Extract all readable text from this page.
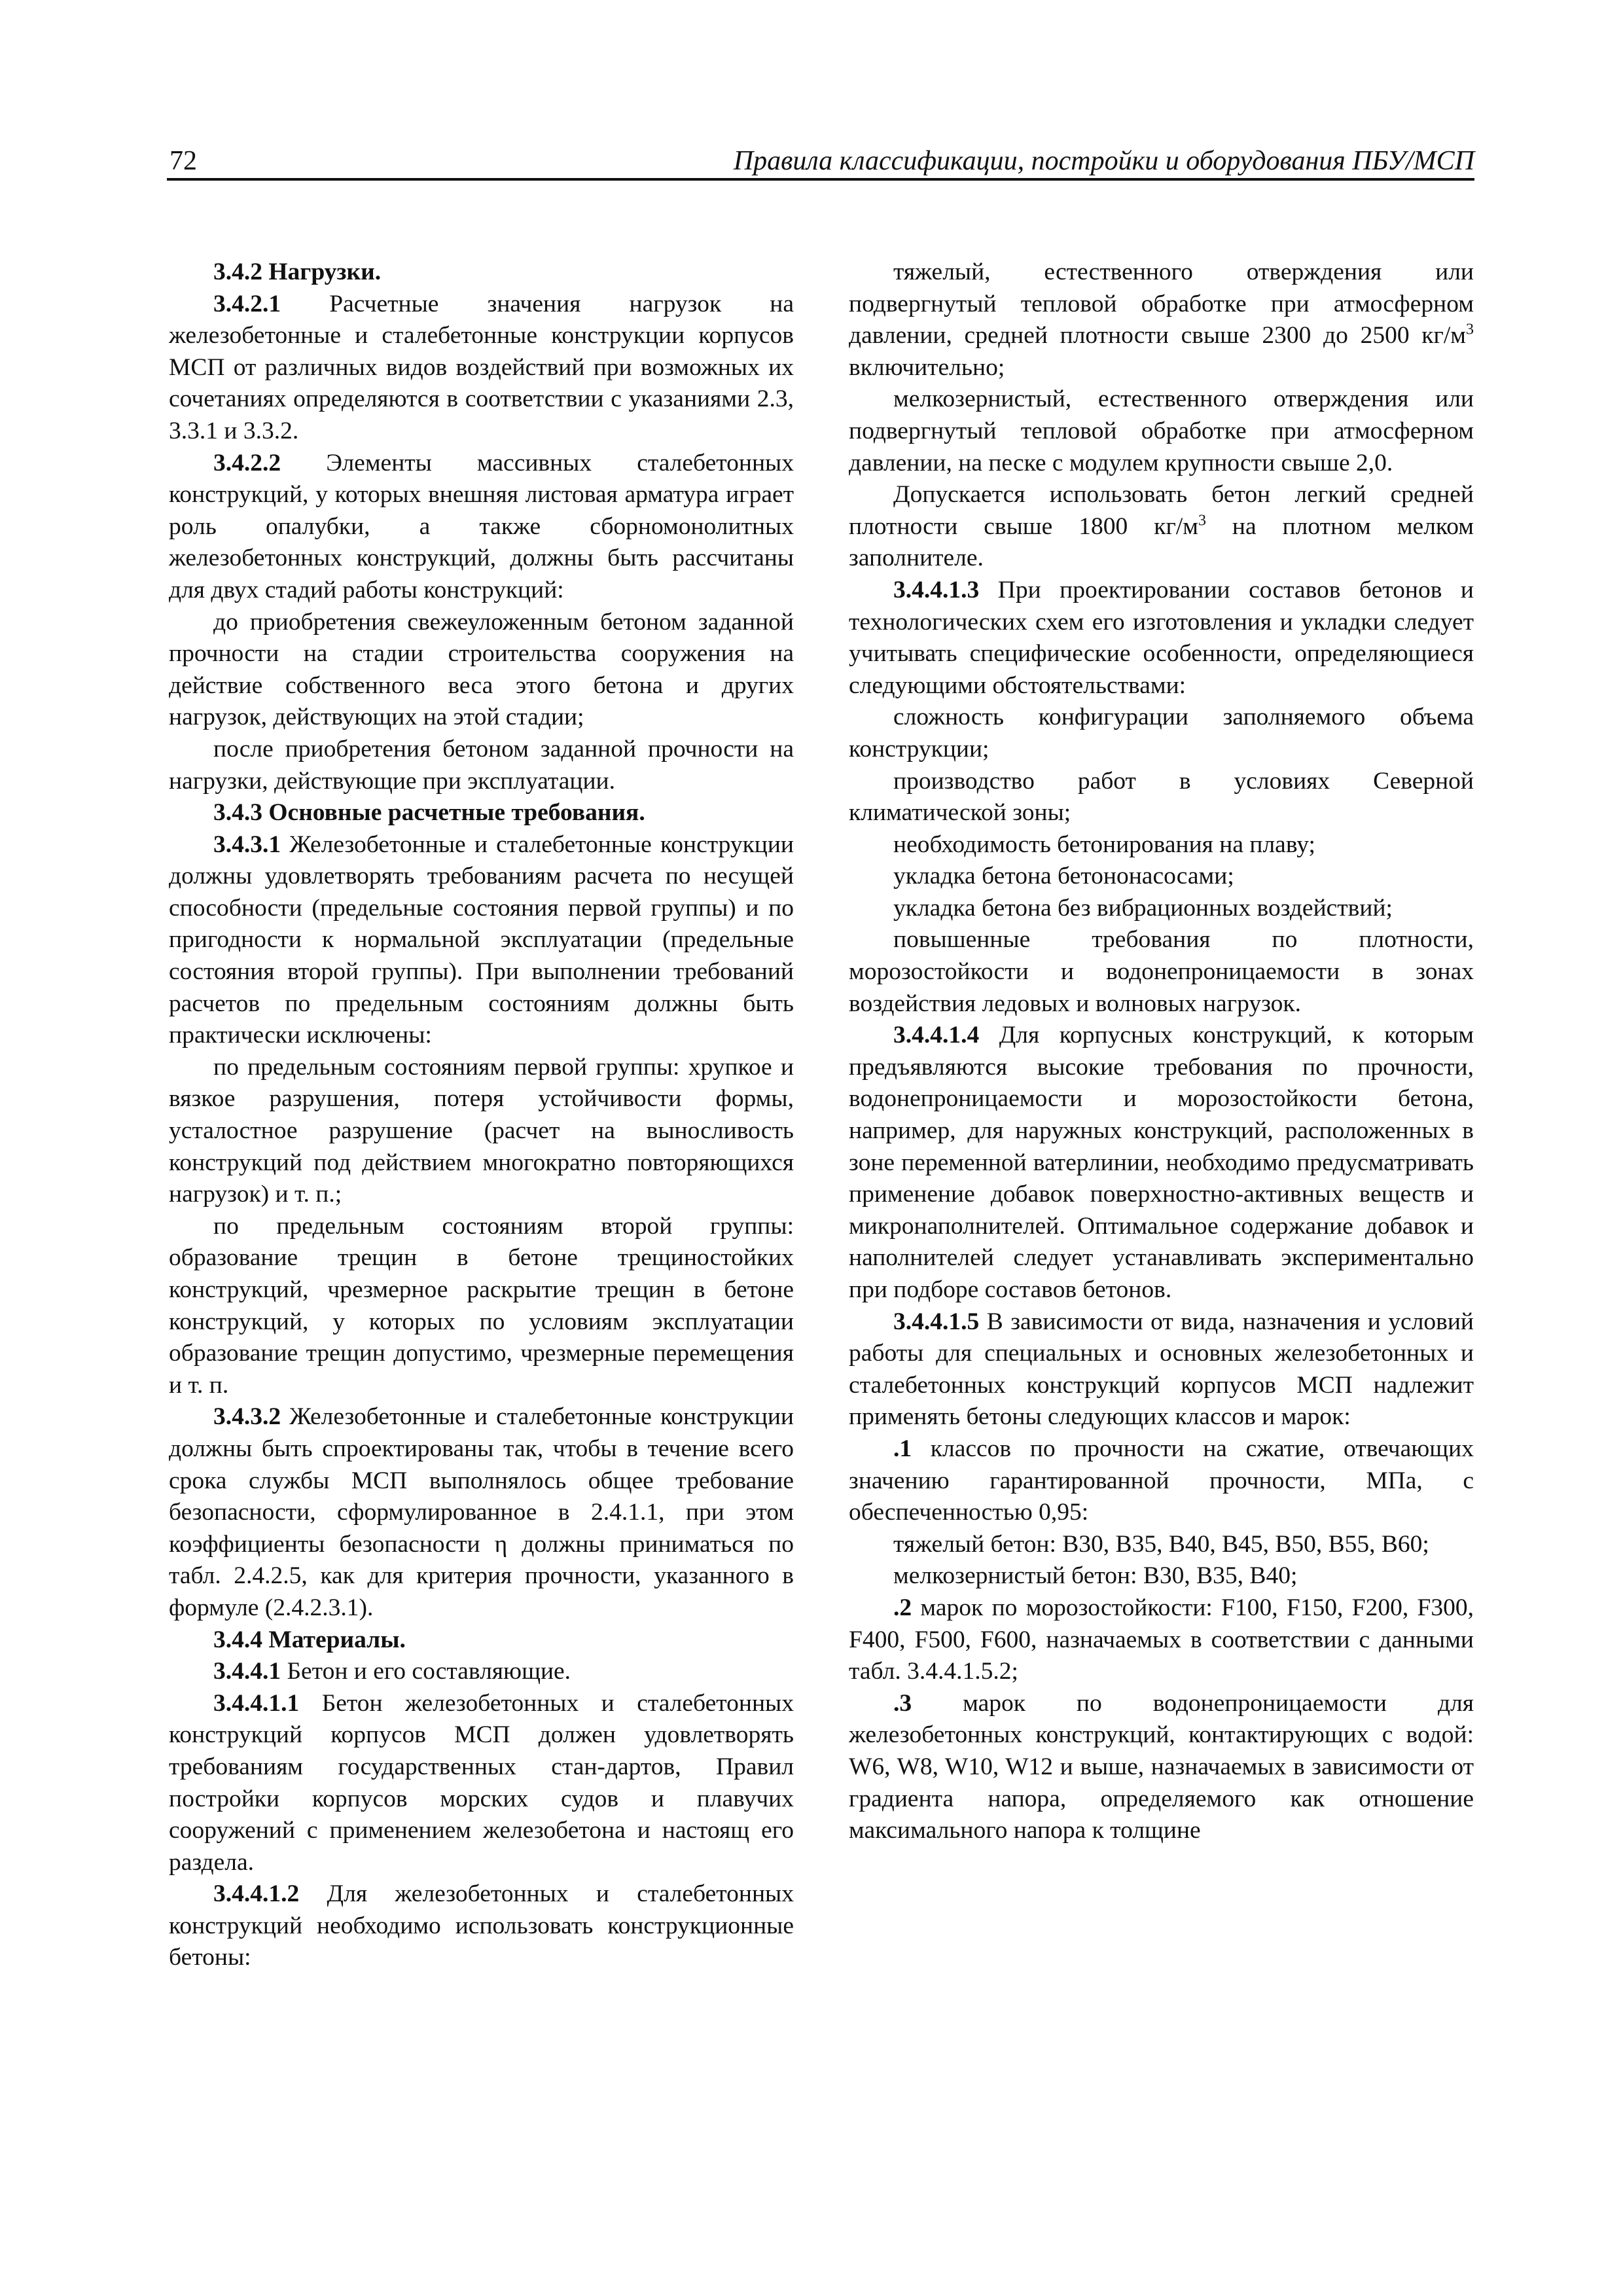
72	Правила классификации, постройки и оборудования ПБУ/МСП

3.4.2 Нагрузки.

3.4.2.1 Расчетные значения нагрузок на железобетонные и сталебетонные конструкции корпусов МСП от различных видов воздействий при возможных их сочетаниях определяются в соответствии с указаниями 2.3, 3.3.1 и 3.3.2.

3.4.2.2 Элементы массивных сталебетонных конструкций, у которых внешняя листовая арматура играет роль опалубки, а также сборномонолитных железобетонных конструкций, должны быть рассчитаны для двух стадий работы конструкций:

до приобретения свежеуложенным бетоном заданной прочности на стадии строительства сооружения на действие собственного веса этого бетона и других нагрузок, действующих на этой стадии;

после приобретения бетоном заданной прочности на нагрузки, действующие при эксплуатации.

3.4.3 Основные расчетные требования.

3.4.3.1 Железобетонные и сталебетонные конструкции должны удовлетворять требованиям расчета по несущей способности (предельные состояния первой группы) и по пригодности к нормальной эксплуатации (предельные состояния второй группы). При выполнении требований расчетов по предельным состояниям должны быть практически исключены:

по предельным состояниям первой группы: хрупкое и вязкое разрушения, потеря устойчивости формы, усталостное разрушение (расчет на выносливость конструкций под действием многократно повторяющихся нагрузок) и т. п.;

по предельным состояниям второй группы: образование трещин в бетоне трещиностойких конструкций, чрезмерное раскрытие трещин в бетоне конструкций, у которых по условиям эксплуатации образование трещин допустимо, чрезмерные перемещения и т. п.

3.4.3.2 Железобетонные и сталебетонные конструкции должны быть спроектированы так, чтобы в течение всего срока службы МСП выполнялось общее требование безопасности, сформулированное в 2.4.1.1, при этом коэффициенты безопасности η должны приниматься по табл. 2.4.2.5, как для критерия прочности, указанного в формуле (2.4.2.3.1).

3.4.4 Материалы.

3.4.4.1 Бетон и его составляющие.

3.4.4.1.1 Бетон железобетонных и сталебетонных конструкций корпусов МСП должен удовлетворять требованиям государственных стан-дартов, Правил постройки корпусов морских судов и плавучих сооружений с применением железобетона и настоящ его раздела.

3.4.4.1.2 Для железобетонных и сталебетонных конструкций необходимо использовать конструкционные бетоны:

тяжелый, естественного отверждения или подвергнутый тепловой обработке при атмосферном давлении, средней плотности свыше 2300 до 2500 $кг/м^3$ включительно;

мелкозернистый, естественного отверждения или подвергнутый тепловой обработке при атмосферном давлении, на песке с модулем крупности свыше 2,0.

Допускается использовать бетон легкий средней плотности свыше 1800 $кг/м^3$ на плотном мелком заполнителе.

3.4.4.1.3 При проектировании составов бетонов и технологических схем его изготовления и укладки следует учитывать специфические особенности, определяющиеся следующими обстоятельствами:

сложность конфигурации заполняемого объема конструкции;

производство работ в условиях Северной климатической зоны;

необходимость бетонирования на плаву;

укладка бетона бетононасосами;

укладка бетона без вибрационных воздействий;

повышенные требования по плотности, морозостойкости и водонепроницаемости в зонах воздействия ледовых и волновых нагрузок.

3.4.4.1.4 Для корпусных конструкций, к которым предъявляются высокие требования по прочности, водонепроницаемости и морозостойкости бетона, например, для наружных конструкций, расположенных в зоне переменной ватерлинии, необходимо предусматривать применение добавок поверхностно-активных веществ и микронаполнителей. Оптимальное содержание добавок и наполнителей следует устанавливать экспериментально при подборе составов бетонов.

3.4.4.1.5 В зависимости от вида, назначения и условий работы для специальных и основных железобетонных и сталебетонных конструкций корпусов МСП надлежит применять бетоны следующих классов и марок:

.1 классов по прочности на сжатие, отвечающих значению гарантированной прочности, МПа, с обеспеченностью 0,95:

тяжелый бетон: В30, В35, В40, В45, В50, В55, В60;

мелкозернистый бетон: В30, В35, В40;

.2 марок по морозостойкости: F100, F150, F200, F300, F400, F500, F600, назначаемых в соответствии с данными табл. 3.4.4.1.5.2;

.3 марок по водонепроницаемости для железобетонных конструкций, контактирующих с водой: W6, W8, W10, W12 и выше, назначаемых в зависимости от градиента напора, определяемого как отношение максимального напора к толщине
